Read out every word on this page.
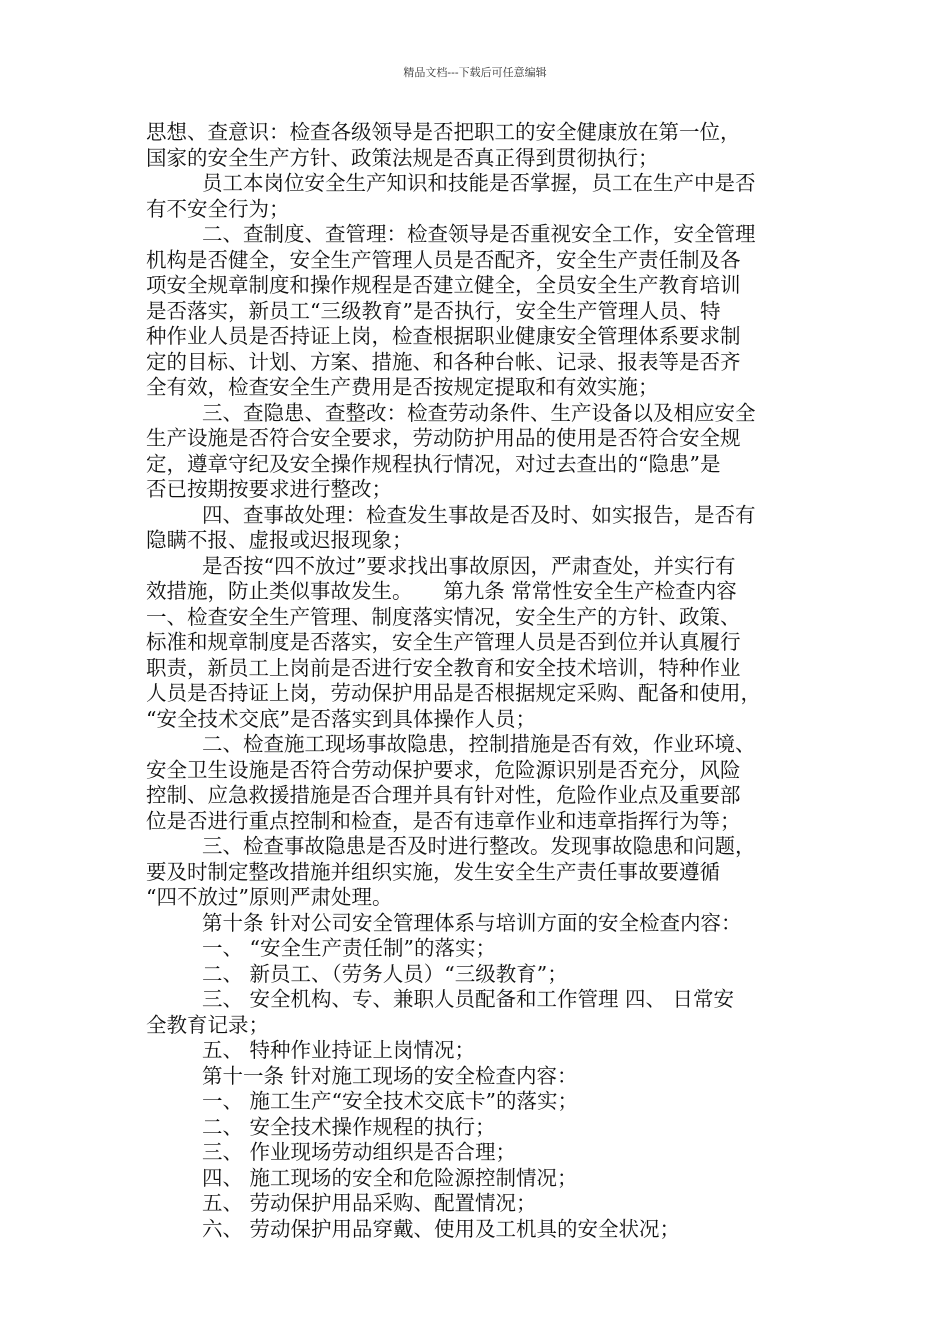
精品文档---下载后可任意编辑
思想、查意识：检查各级领导是否把职工的安全健康放在第一位，
国家的安全生产方针、政策法规是否真正得到贯彻执行；
员工本岗位安全生产知识和技能是否掌握，员工在生产中是否
有不安全行为；
二、查制度、查管理：检查领导是否重视安全工作，安全管理
机构是否健全，安全生产管理人员是否配齐，安全生产责任制及各
项安全规章制度和操作规程是否建立健全，全员安全生产教育培训
是否落实，新员工“三级教育”是否执行，安全生产管理人员、特
种作业人员是否持证上岗，检查根据职业健康安全管理体系要求制
定的目标、计划、方案、措施、和各种台帐、记录、报表等是否齐
全有效，检查安全生产费用是否按规定提取和有效实施；
三、查隐患、查整改：检查劳动条件、生产设备以及相应安全
生产设施是否符合安全要求，劳动防护用品的使用是否符合安全规
定，遵章守纪及安全操作规程执行情况，对过去查出的“隐患”是
否已按期按要求进行整改；
四、查事故处理：检查发生事故是否及时、如实报告，是否有
隐瞒不报、虚报或迟报现象；
是否按“四不放过”要求找出事故原因，严肃查处，并实行有
效措施，防止类似事故发生。　　第九条 常常性安全生产检查内容
一、检查安全生产管理、制度落实情况，安全生产的方针、政策、
标准和规章制度是否落实，安全生产管理人员是否到位并认真履行
职责，新员工上岗前是否进行安全教育和安全技术培训，特种作业
人员是否持证上岗，劳动保护用品是否根据规定采购、配备和使用，
“安全技术交底”是否落实到具体操作人员；
二、检查施工现场事故隐患，控制措施是否有效，作业环境、
安全卫生设施是否符合劳动保护要求，危险源识别是否充分，风险
控制、应急救援措施是否合理并具有针对性，危险作业点及重要部
位是否进行重点控制和检查，是否有违章作业和违章指挥行为等；
三、检查事故隐患是否及时进行整改。发现事故隐患和问题，
要及时制定整改措施并组织实施，发生安全生产责任事故要遵循
“四不放过”原则严肃处理。
第十条 针对公司安全管理体系与培训方面的安全检查内容：
一、 “安全生产责任制”的落实；
二、 新员工、（劳务人员）“三级教育”；
三、 安全机构、专、兼职人员配备和工作管理 四、 日常安
全教育记录；
五、 特种作业持证上岗情况；
第十一条 针对施工现场的安全检查内容：
一、 施工生产“安全技术交底卡”的落实；
二、 安全技术操作规程的执行；
三、 作业现场劳动组织是否合理；
四、 施工现场的安全和危险源控制情况；
五、 劳动保护用品采购、配置情况；
六、 劳动保护用品穿戴、使用及工机具的安全状况；
